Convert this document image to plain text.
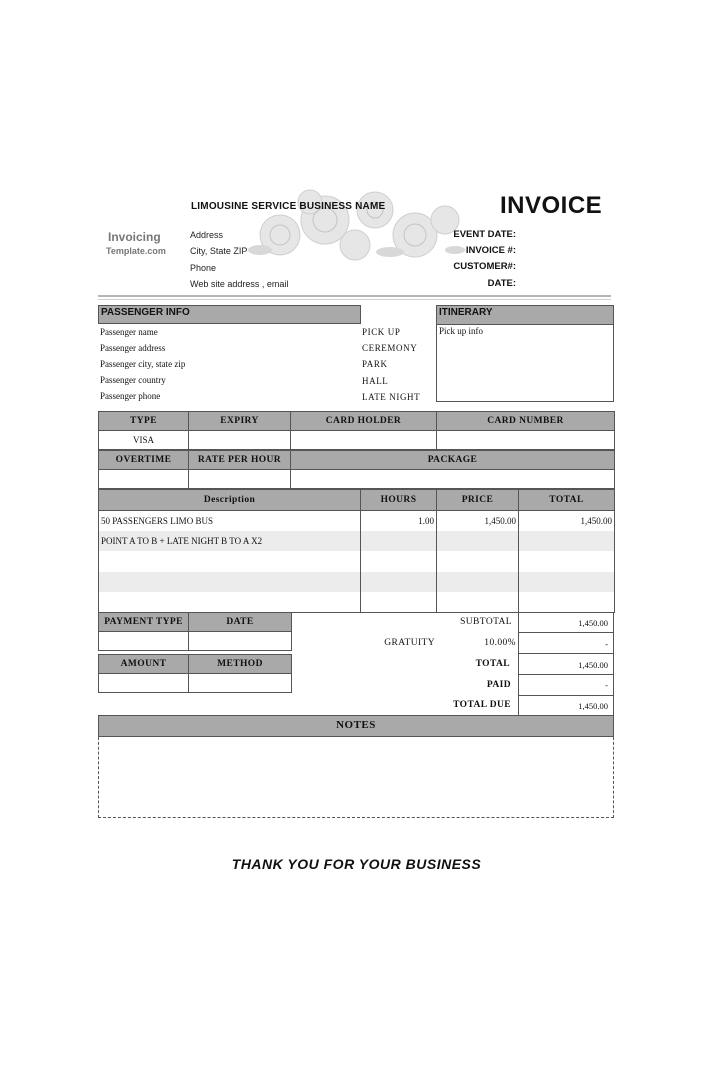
LIMOUSINE SERVICE BUSINESS NAME	INVOICE
Invoicing
Template.com
Address
City, State ZIP
Phone
Web site address , email
EVENT DATE:
INVOICE #:
CUSTOMER#:
DATE:
PASSENGER INFO
Passenger name
Passenger address
Passenger city, state zip
Passenger country
Passenger phone
PICK UP
CEREMONY
PARK
HALL
LATE NIGHT
ITINERARY
Pick up info
TYPE	EXPIRY	CARD HOLDER	CARD NUMBER
VISA			
OVERTIME	RATE PER HOUR	PACKAGE

Description	HOURS	PRICE	TOTAL
50 PASSENGERS LIMO BUS	1.00	1,450.00	1,450.00
POINT A TO B + LATE NIGHT B TO A X2			

PAYMENT TYPE	DATE

AMOUNT	METHOD

SUBTOTAL	1,450.00
GRATUITY	10.00%	-
TOTAL	1,450.00
PAID	-
TOTAL DUE	1,450.00
NOTES
THANK YOU FOR YOUR BUSINESS
